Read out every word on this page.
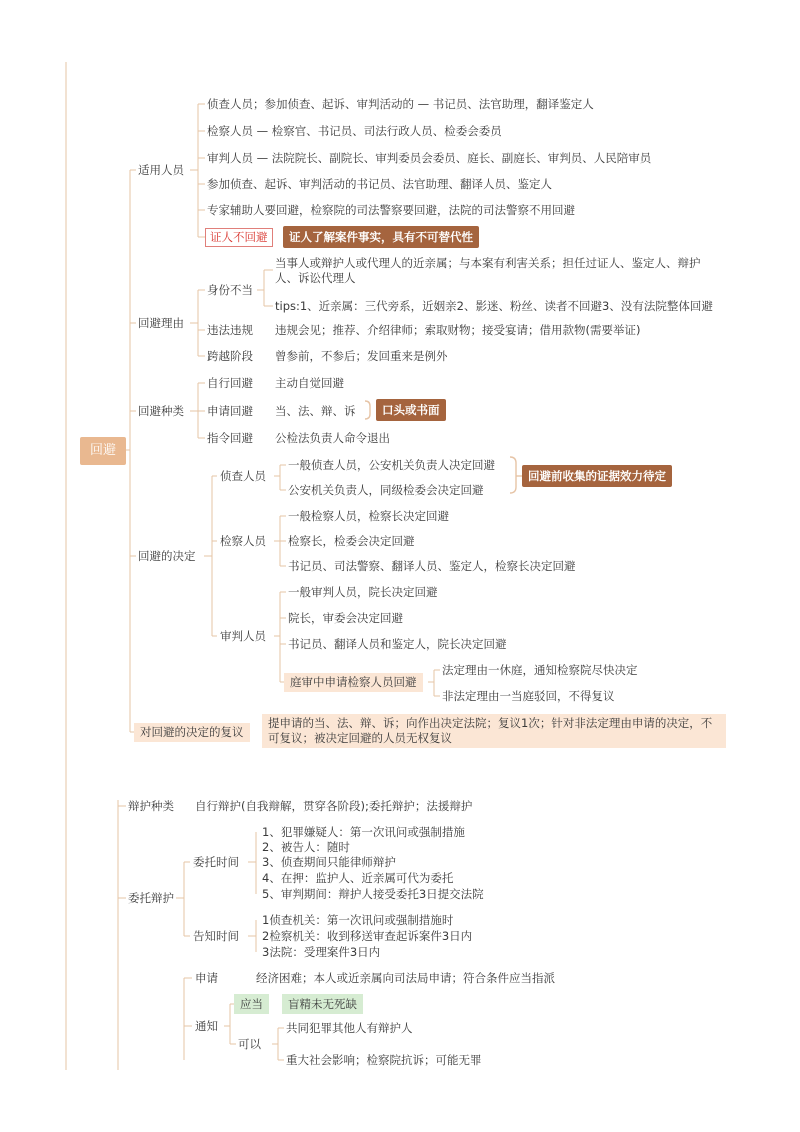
回避
适用人员
侦查人员；参加侦查、起诉、审判活动的 — 书记员、法官助理，翻译鉴定人
检察人员 — 检察官、书记员、司法行政人员、检委会委员
审判人员 — 法院院长、副院长、审判委员会委员、庭长、副庭长、审判员、人民陪审员
参加侦查、起诉、审判活动的书记员、法官助理、翻译人员、鉴定人
专家辅助人要回避，检察院的司法警察要回避，法院的司法警察不用回避
证人不回避	证人了解案件事实，具有不可替代性
回避理由
身份不当
当事人或辩护人或代理人的近亲属；与本案有利害关系；担任过证人、鉴定人、辩护人、诉讼代理人
tips:1、近亲属：三代旁系，近姻亲2、影迷、粉丝、读者不回避3、没有法院整体回避
违法违规 违规会见；推荐、介绍律师；索取财物；接受宴请；借用款物(需要举证)
跨越阶段 曾参前，不参后；发回重来是例外
回避种类
自行回避 主动自觉回避
申请回避 当、法、辩、诉	口头或书面
指令回避 公检法负责人命令退出
回避的决定
侦查人员
一般侦查人员，公安机关负责人决定回避
公安机关负责人，同级检委会决定回避
回避前收集的证据效力待定
检察人员
一般检察人员，检察长决定回避
检察长，检委会决定回避
书记员、司法警察、翻译人员、鉴定人，检察长决定回避
审判人员
一般审判人员，院长决定回避
院长，审委会决定回避
书记员、翻译人员和鉴定人，院长决定回避
庭审中申请检察人员回避
法定理由一休庭，通知检察院尽快决定
非法定理由一当庭驳回，不得复议
对回避的决定的复议
提申请的当、法、辩、诉；向作出决定法院；复议1次；针对非法定理由申请的决定，不可复议；被决定回避的人员无权复议
辩护种类 自行辩护(自我辩解，贯穿各阶段);委托辩护；法援辩护
委托辩护
委托时间
1、犯罪嫌疑人：第一次讯问或强制措施
2、被告人：随时
3、侦查期间只能律师辩护
4、在押：监护人、近亲属可代为委托
5、审判期间：辩护人接受委托3日提交法院
告知时间
1侦查机关：第一次讯问或强制措施时
2检察机关：收到移送审查起诉案件3日内
3法院：受理案件3日内
申请	经济困难；本人或近亲属向司法局申请；符合条件应当指派
通知
应当	盲精未无死缺
可以
共同犯罪其他人有辩护人
重大社会影响；检察院抗诉；可能无罪
